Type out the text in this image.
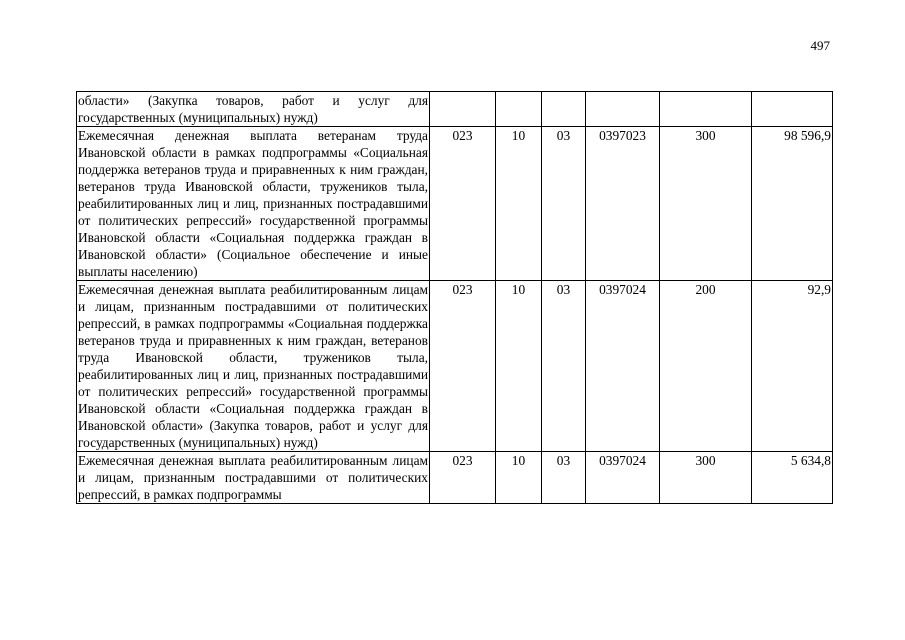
497
области» (Закупка товаров, работ и услуг для государственных (муниципальных) нужд)						
Ежемесячная денежная выплата ветеранам труда Ивановской области в рамках подпрограммы «Социальная поддержка ветеранов труда и приравненных к ним граждан, ветеранов труда Ивановской области, тружеников тыла, реабилитированных лиц и лиц, признанных пострадавшими от политических репрессий» государственной программы Ивановской области «Социальная поддержка граждан в Ивановской области» (Социальное обеспечение и иные выплаты населению)	023	10	03	0397023	300	98 596,9
Ежемесячная денежная выплата реабилитированным лицам и лицам, признанным пострадавшими от политических репрессий, в рамках подпрограммы «Социальная поддержка ветеранов труда и приравненных к ним граждан, ветеранов труда Ивановской области, тружеников тыла, реабилитированных лиц и лиц, признанных пострадавшими от политических репрессий» государственной программы Ивановской области «Социальная поддержка граждан в Ивановской области» (Закупка товаров, работ и услуг для государственных (муниципальных) нужд)	023	10	03	0397024	200	92,9

Ежемесячная денежная выплата реабилитированным лицам и лицам, признанным пострадавшими от политических репрессий, в рамках подпрограммы	023	10	03	0397024	300	5 634,8
